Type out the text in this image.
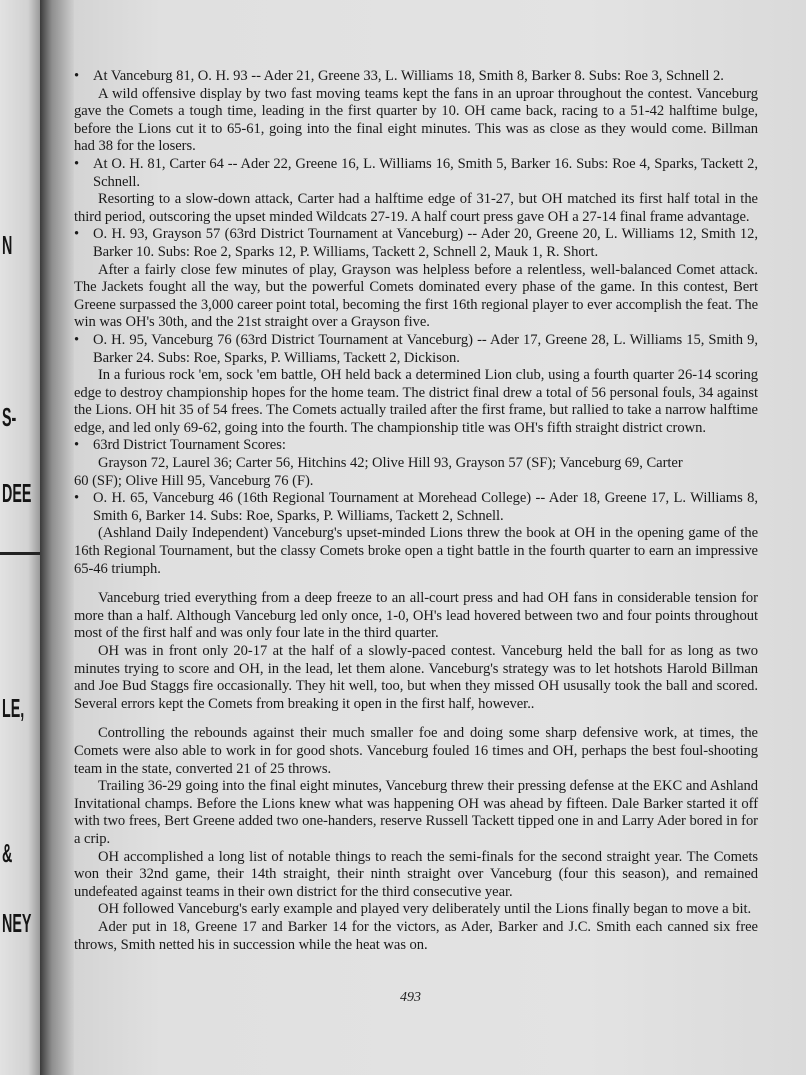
N
S-
DEE
LE,
&
NEY

• At Vanceburg 81, O. H. 93 -- Ader 21, Greene 33, L. Williams 18, Smith 8, Barker 8. Subs: Roe 3, Schnell 2.

A wild offensive display by two fast moving teams kept the fans in an uproar throughout the contest. Vanceburg gave the Comets a tough time, leading in the first quarter by 10. OH came back, racing to a 51-42 halftime bulge, before the Lions cut it to 65-61, going into the final eight minutes. This was as close as they would come. Billman had 38 for the losers.

• At O. H. 81, Carter 64 -- Ader 22, Greene 16, L. Williams 16, Smith 5, Barker 16. Subs: Roe 4, Sparks, Tackett 2, Schnell.

Resorting to a slow-down attack, Carter had a halftime edge of 31-27, but OH matched its first half total in the third period, outscoring the upset minded Wildcats 27-19. A half court press gave OH a 27-14 final frame advantage.

• O. H. 93, Grayson 57 (63rd District Tournament at Vanceburg) -- Ader 20, Greene 20, L. Williams 12, Smith 12, Barker 10. Subs: Roe 2, Sparks 12, P. Williams, Tackett 2, Schnell 2, Mauk 1, R. Short.

After a fairly close few minutes of play, Grayson was helpless before a relentless, well-balanced Comet attack. The Jackets fought all the way, but the powerful Comets dominated every phase of the game. In this contest, Bert Greene surpassed the 3,000 career point total, becoming the first 16th regional player to ever accomplish the feat. The win was OH's 30th, and the 21st straight over a Grayson five.

• O. H. 95, Vanceburg 76 (63rd District Tournament at Vanceburg) -- Ader 17, Greene 28, L. Williams 15, Smith 9, Barker 24. Subs: Roe, Sparks, P. Williams, Tackett 2, Dickison.

In a furious rock 'em, sock 'em battle, OH held back a determined Lion club, using a fourth quarter 26-14 scoring edge to destroy championship hopes for the home team. The district final drew a total of 56 personal fouls, 34 against the Lions. OH hit 35 of 54 frees. The Comets actually trailed after the first frame, but rallied to take a narrow halftime edge, and led only 69-62, going into the fourth. The championship title was OH's fifth straight district crown.

• 63rd District Tournament Scores:

Grayson 72, Laurel 36; Carter 56, Hitchins 42; Olive Hill 93, Grayson 57 (SF); Vanceburg 69, Carter

60 (SF); Olive Hill 95, Vanceburg 76 (F).

• O. H. 65, Vanceburg 46 (16th Regional Tournament at Morehead College) -- Ader 18, Greene 17, L. Williams 8, Smith 6, Barker 14. Subs: Roe, Sparks, P. Williams, Tackett 2, Schnell.

(Ashland Daily Independent) Vanceburg's upset-minded Lions threw the book at OH in the opening game of the 16th Regional Tournament, but the classy Comets broke open a tight battle in the fourth quarter to earn an impressive 65-46 triumph.

Vanceburg tried everything from a deep freeze to an all-court press and had OH fans in considerable tension for more than a half. Although Vanceburg led only once, 1-0, OH's lead hovered between two and four points throughout most of the first half and was only four late in the third quarter.

OH was in front only 20-17 at the half of a slowly-paced contest. Vanceburg held the ball for as long as two minutes trying to score and OH, in the lead, let them alone. Vanceburg's strategy was to let hotshots Harold Billman and Joe Bud Staggs fire occasionally. They hit well, too, but when they missed OH ususally took the ball and scored. Several errors kept the Comets from breaking it open in the first half, however..

Controlling the rebounds against their much smaller foe and doing some sharp defensive work, at times, the Comets were also able to work in for good shots. Vanceburg fouled 16 times and OH, perhaps the best foul-shooting team in the state, converted 21 of 25 throws.

Trailing 36-29 going into the final eight minutes, Vanceburg threw their pressing defense at the EKC and Ashland Invitational champs. Before the Lions knew what was happening OH was ahead by fifteen. Dale Barker started it off with two frees, Bert Greene added two one-handers, reserve Russell Tackett tipped one in and Larry Ader bored in for a crip.

OH accomplished a long list of notable things to reach the semi-finals for the second straight year. The Comets won their 32nd game, their 14th straight, their ninth straight over Vanceburg (four this season), and remained undefeated against teams in their own district for the third consecutive year.

OH followed Vanceburg's early example and played very deliberately until the Lions finally began to move a bit.

Ader put in 18, Greene 17 and Barker 14 for the victors, as Ader, Barker and J.C. Smith each canned six free throws, Smith netted his in succession while the heat was on.

493
